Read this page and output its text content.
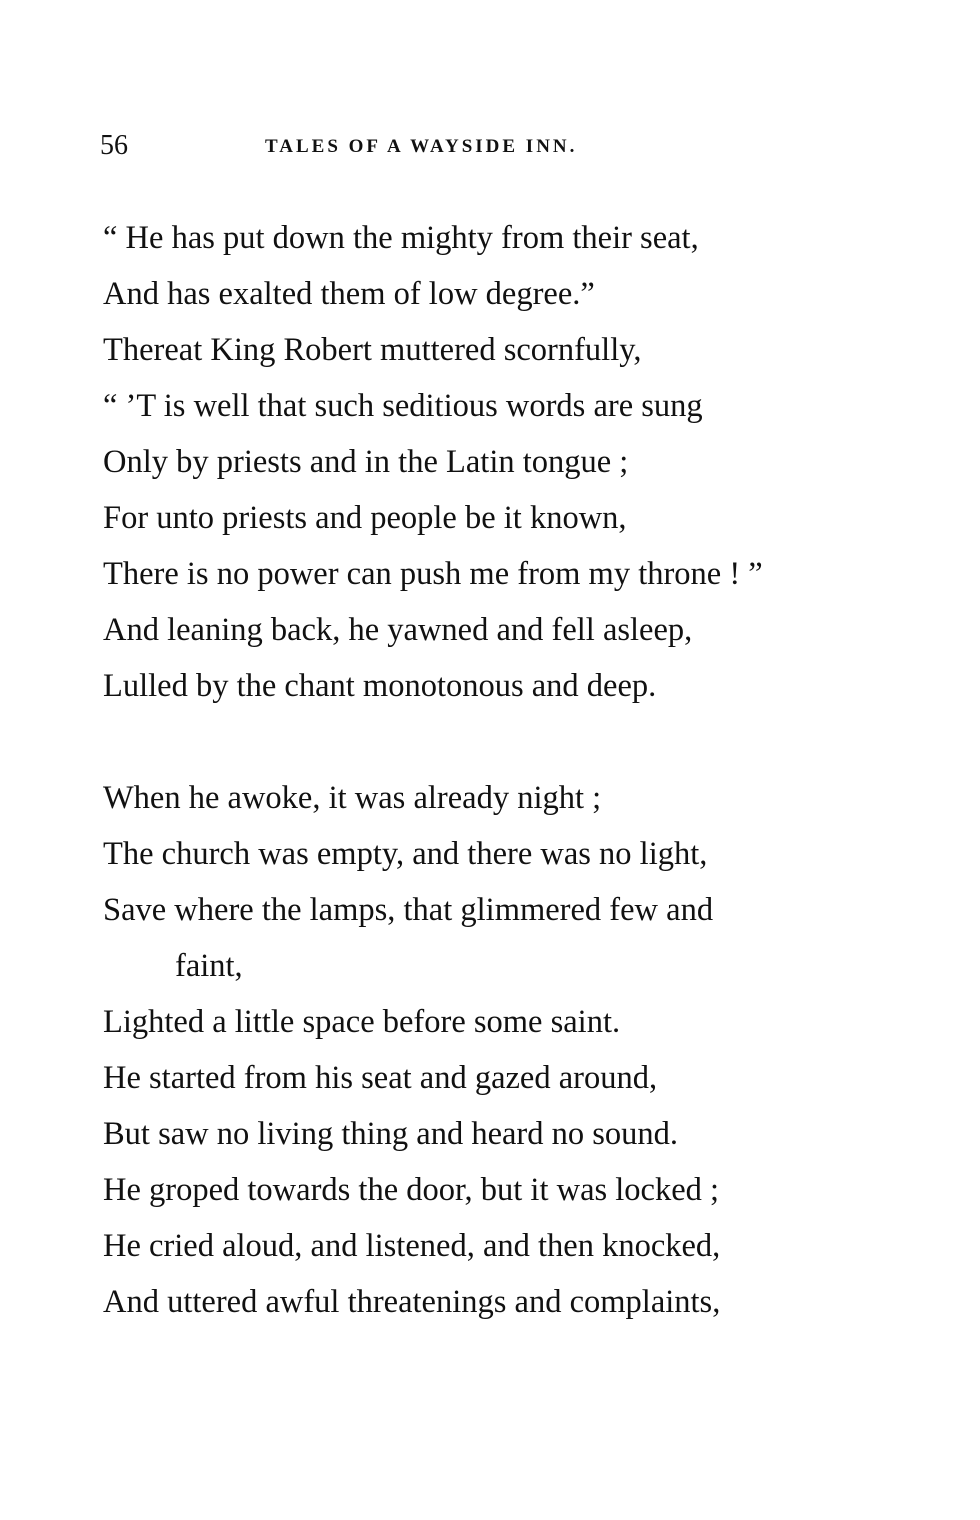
56	TALES OF A WAYSIDE INN.
“ He has put down the mighty from their seat,
And has exalted them of low degree.”
Thereat King Robert muttered scornfully,
“ ’T is well that such seditious words are sung
Only by priests and in the Latin tongue ;
For unto priests and people be it known,
There is no power can push me from my throne ! ”
And leaning back, he yawned and fell asleep,
Lulled by the chant monotonous and deep.
When he awoke, it was already night ;
The church was empty, and there was no light,
Save where the lamps, that glimmered few and
faint,
Lighted a little space before some saint.
He started from his seat and gazed around,
But saw no living thing and heard no sound.
He groped towards the door, but it was locked ;
He cried aloud, and listened, and then knocked,
And uttered awful threatenings and complaints,
